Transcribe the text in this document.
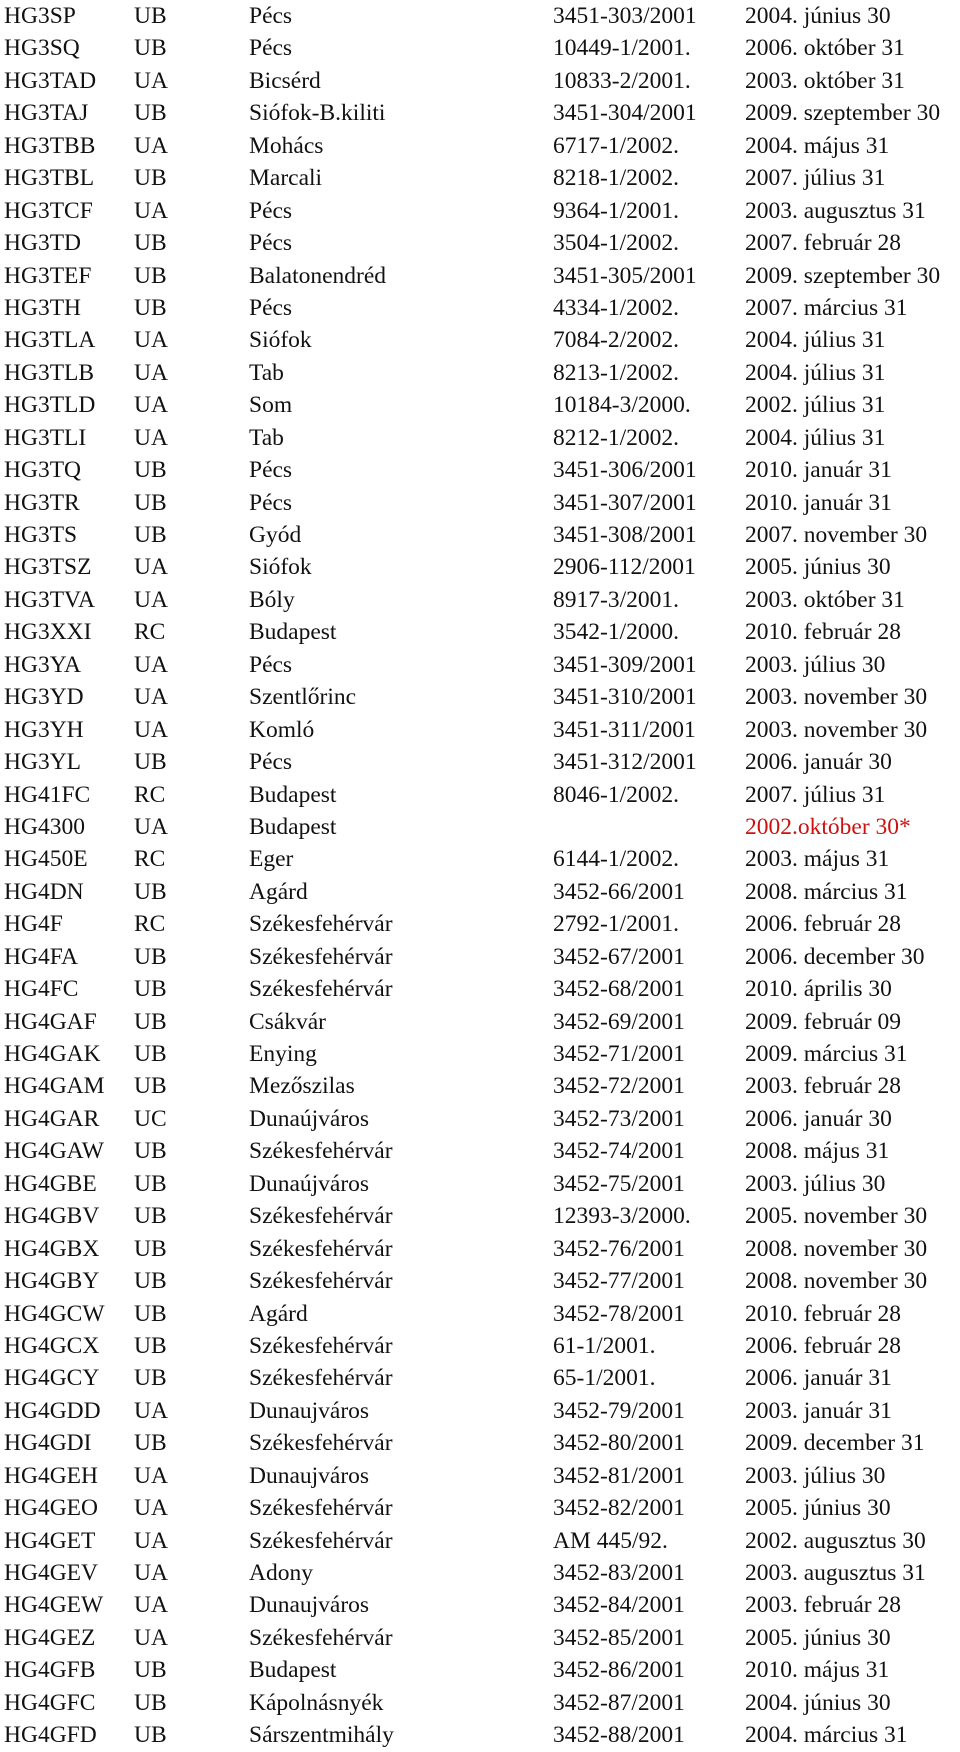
HG3SP	UB	Pécs	3451-303/2001	2004. június 30
HG3SQ	UB	Pécs	10449-1/2001.	2006. október 31
HG3TAD	UA	Bicsérd	10833-2/2001.	2003. október 31
HG3TAJ	UB	Siófok-B.kiliti	3451-304/2001	2009. szeptember 30
HG3TBB	UA	Mohács	6717-1/2002.	2004. május 31
HG3TBL	UB	Marcali	8218-1/2002.	2007. július 31
HG3TCF	UA	Pécs	9364-1/2001.	2003. augusztus 31
HG3TD	UB	Pécs	3504-1/2002.	2007. február 28
HG3TEF	UB	Balatonendréd	3451-305/2001	2009. szeptember 30
HG3TH	UB	Pécs	4334-1/2002.	2007. március 31
HG3TLA	UA	Siófok	7084-2/2002.	2004. július 31
HG3TLB	UA	Tab	8213-1/2002.	2004. július 31
HG3TLD	UA	Som	10184-3/2000.	2002. július 31
HG3TLI	UA	Tab	8212-1/2002.	2004. július 31
HG3TQ	UB	Pécs	3451-306/2001	2010. január 31
HG3TR	UB	Pécs	3451-307/2001	2010. január 31
HG3TS	UB	Gyód	3451-308/2001	2007. november 30
HG3TSZ	UA	Siófok	2906-112/2001	2005. június 30
HG3TVA	UA	Bóly	8917-3/2001.	2003. október 31
HG3XXI	RC	Budapest	3542-1/2000.	2010. február 28
HG3YA	UA	Pécs	3451-309/2001	2003. július 30
HG3YD	UA	Szentlőrinc	3451-310/2001	2003. november 30
HG3YH	UA	Komló	3451-311/2001	2003. november 30
HG3YL	UB	Pécs	3451-312/2001	2006. január 30
HG41FC	RC	Budapest	8046-1/2002.	2007. július 31
HG4300	UA	Budapest		2002.október 30*
HG450E	RC	Eger	6144-1/2002.	2003. május 31
HG4DN	UB	Agárd	3452-66/2001	2008. március 31
HG4F	RC	Székesfehérvár	2792-1/2001.	2006. február 28
HG4FA	UB	Székesfehérvár	3452-67/2001	2006. december 30
HG4FC	UB	Székesfehérvár	3452-68/2001	2010. április 30
HG4GAF	UB	Csákvár	3452-69/2001	2009. február 09
HG4GAK	UB	Enying	3452-71/2001	2009. március 31
HG4GAM	UB	Mezőszilas	3452-72/2001	2003. február 28
HG4GAR	UC	Dunaújváros	3452-73/2001	2006. január 30
HG4GAW	UB	Székesfehérvár	3452-74/2001	2008. május 31
HG4GBE	UB	Dunaújváros	3452-75/2001	2003. július 30
HG4GBV	UB	Székesfehérvár	12393-3/2000.	2005. november 30
HG4GBX	UB	Székesfehérvár	3452-76/2001	2008. november 30
HG4GBY	UB	Székesfehérvár	3452-77/2001	2008. november 30
HG4GCW	UB	Agárd	3452-78/2001	2010. február 28
HG4GCX	UB	Székesfehérvár	61-1/2001.	2006. február 28
HG4GCY	UB	Székesfehérvár	65-1/2001.	2006. január 31
HG4GDD	UA	Dunaujváros	3452-79/2001	2003. január 31
HG4GDI	UB	Székesfehérvár	3452-80/2001	2009. december 31
HG4GEH	UA	Dunaujváros	3452-81/2001	2003. július 30
HG4GEO	UA	Székesfehérvár	3452-82/2001	2005. június 30
HG4GET	UA	Székesfehérvár	AM 445/92.	2002. augusztus 30
HG4GEV	UA	Adony	3452-83/2001	2003. augusztus 31
HG4GEW	UA	Dunaujváros	3452-84/2001	2003. február 28
HG4GEZ	UA	Székesfehérvár	3452-85/2001	2005. június 30
HG4GFB	UB	Budapest	3452-86/2001	2010. május 31
HG4GFC	UB	Kápolnásnyék	3452-87/2001	2004. június 30
HG4GFD	UB	Sárszentmihály	3452-88/2001	2004. március 31
